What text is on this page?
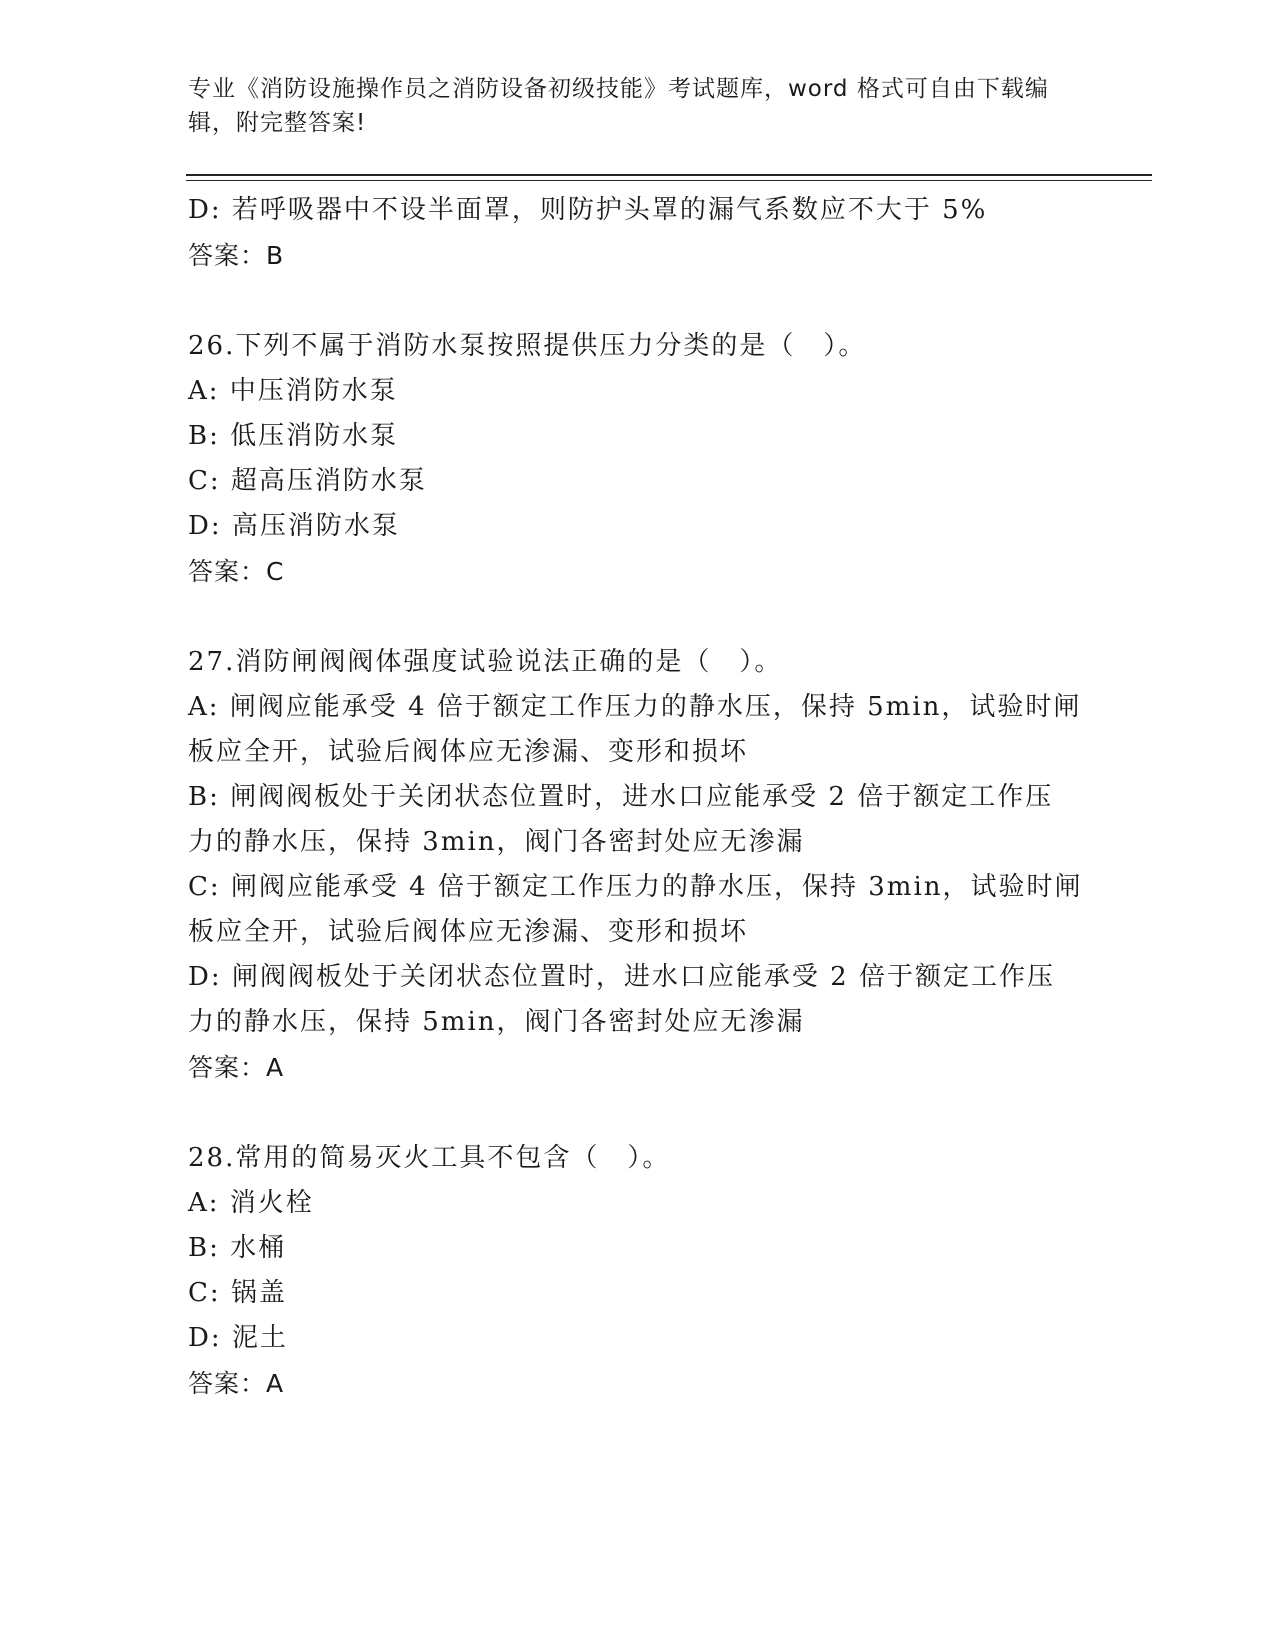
专业《消防设施操作员之消防设备初级技能》考试题库，word 格式可自由下载编
辑，附完整答案!
D: 若呼吸器中不设半面罩，则防护头罩的漏气系数应不大于 5%
答案：B
26.下列不属于消防水泵按照提供压力分类的是（　）。
A: 中压消防水泵
B: 低压消防水泵
C: 超高压消防水泵
D: 高压消防水泵
答案：C
27.消防闸阀阀体强度试验说法正确的是（　）。
A: 闸阀应能承受 4 倍于额定工作压力的静水压，保持 5min，试验时闸
板应全开，试验后阀体应无渗漏、变形和损坏
B: 闸阀阀板处于关闭状态位置时，进水口应能承受 2 倍于额定工作压
力的静水压，保持 3min，阀门各密封处应无渗漏
C: 闸阀应能承受 4 倍于额定工作压力的静水压，保持 3min，试验时闸
板应全开，试验后阀体应无渗漏、变形和损坏
D: 闸阀阀板处于关闭状态位置时，进水口应能承受 2 倍于额定工作压
力的静水压，保持 5min，阀门各密封处应无渗漏
答案：A
28.常用的简易灭火工具不包含（　）。
A: 消火栓
B: 水桶
C: 锅盖
D: 泥土
答案：A
